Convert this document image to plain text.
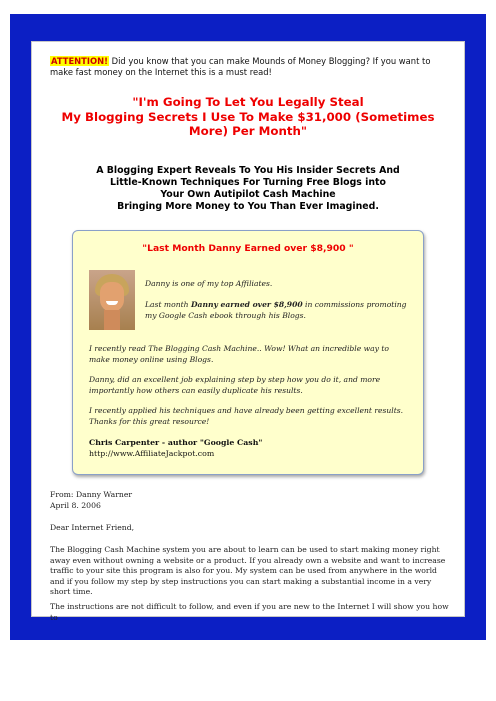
ATTENTION! Did you know that you can make Mounds of Money Blogging? If you want to make fast money on the Internet this is a must read!
"I'm Going To Let You Legally Steal
My Blogging Secrets I Use To Make $31,000 (Sometimes
More) Per Month"
A Blogging Expert Reveals To You His Insider Secrets And
Little-Known Techniques For Turning Free Blogs into
Your Own Autipilot Cash Machine
Bringing More Money to You Than Ever Imagined.
"Last Month Danny Earned over $8,900 "
Danny is one of my top Affiliates.
Last month Danny earned over $8,900 in commissions promoting my Google Cash ebook through his Blogs.
I recently read The Blogging Cash Machine.. Wow! What an incredible way to make money online using Blogs.
Danny, did an excellent job explaining step by step how you do it, and more importantly how others can easily duplicate his results.
I recently applied his techniques and have already been getting excellent results. Thanks for this great resource!
Chris Carpenter - author "Google Cash"
http://www.AffiliateJackpot.com
From: Danny Warner
April 8. 2006
Dear Internet Friend,
The Blogging Cash Machine system you are about to learn can be used to start making money right away even without owning a website or a product. If you already own a website and want to increase traffic to your site this program is also for you. My system can be used from anywhere in the world and if you follow my step by step instructions you can start making a substantial income in a very short time.
The instructions are not difficult to follow, and even if you are new to the Internet I will show you how to
